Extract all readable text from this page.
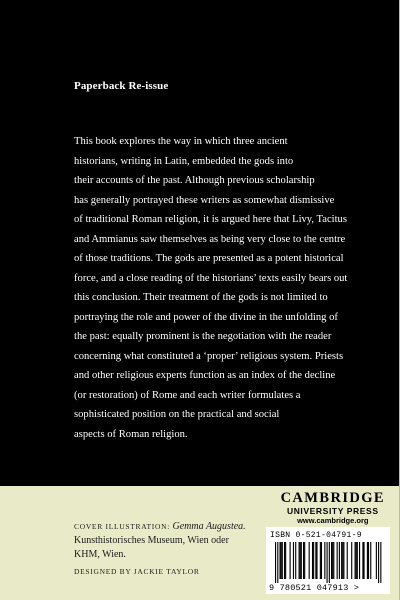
Paperback Re-issue

This book explores the way in which three ancient
historians, writing in Latin, embedded the gods into
their accounts of the past. Although previous scholarship
has generally portrayed these writers as somewhat dismissive
of traditional Roman religion, it is argued here that Livy, Tacitus
and Ammianus saw themselves as being very close to the centre
of those traditions. The gods are presented as a potent historical
force, and a close reading of the historians’ texts easily bears out
this conclusion. Their treatment of the gods is not limited to
portraying the role and power of the divine in the unfolding of
the past: equally prominent is the negotiation with the reader
concerning what constituted a ‘proper’ religious system. Priests
and other religious experts function as an index of the decline
(or restoration) of Rome and each writer formulates a
sophisticated position on the practical and social
aspects of Roman religion.

COVER ILLUSTRATION: Gemma Augustea.
Kunsthistorisches Museum, Wien oder
KHM, Wien.
DESIGNED BY JACKIE TAYLOR
CAMBRIDGE
UNIVERSITY PRESS
www.cambridge.org

ISBN 0-521-04791-9

9 780521 047913 >
